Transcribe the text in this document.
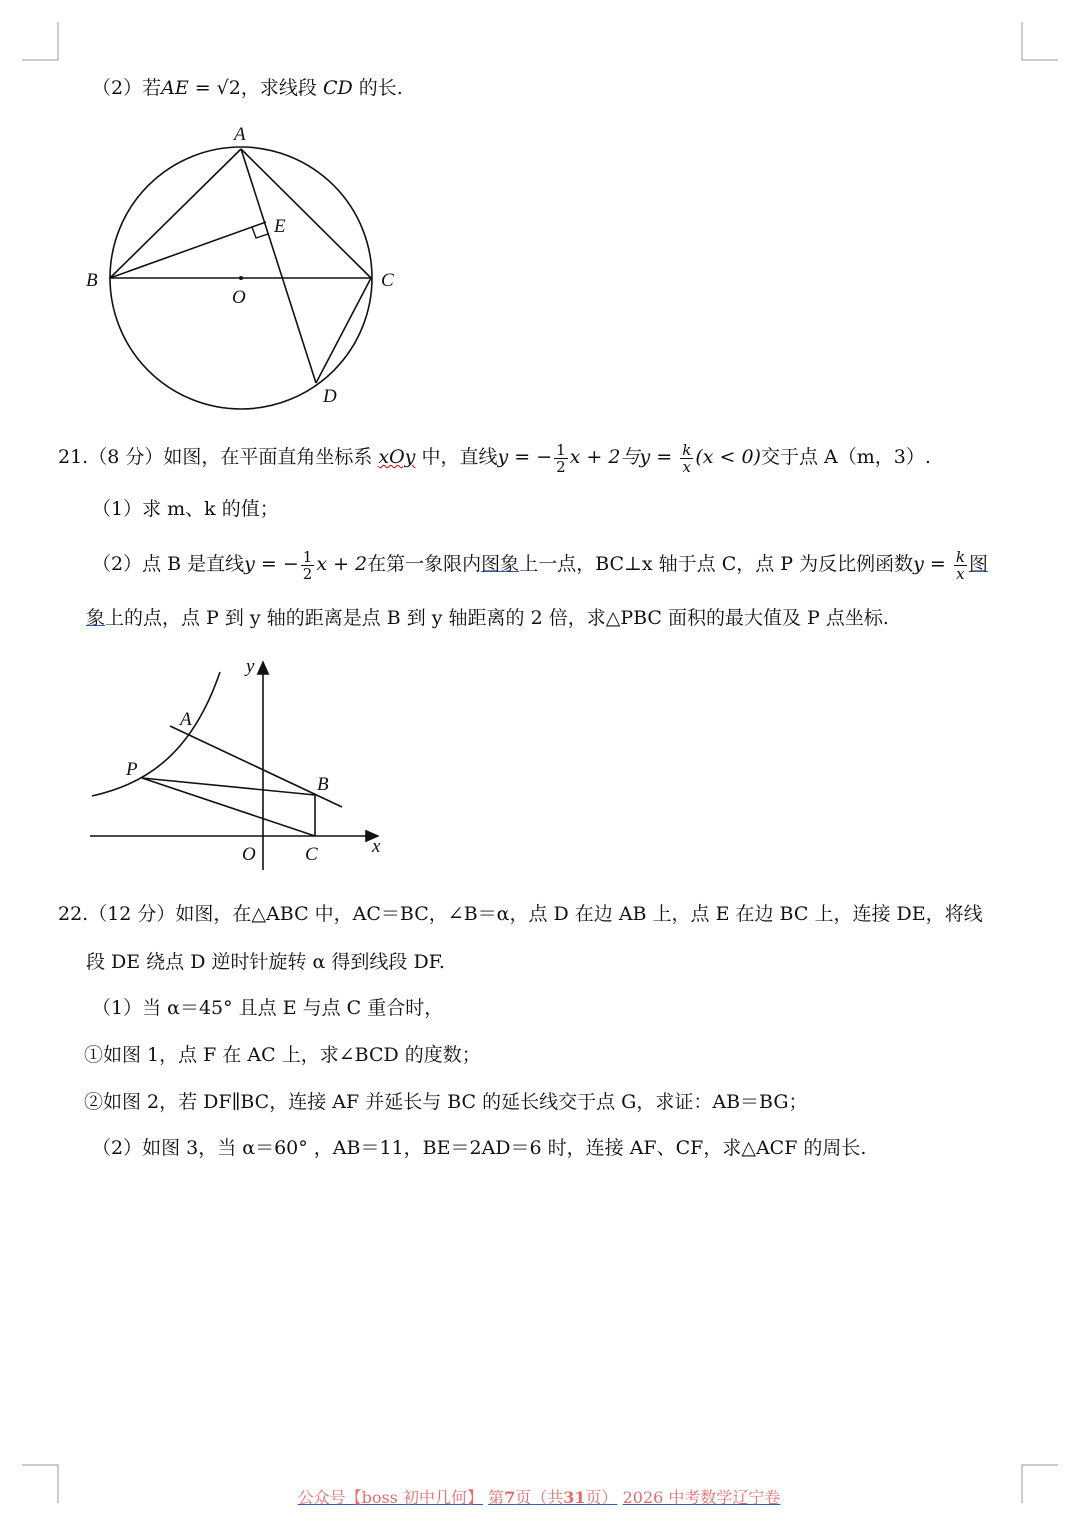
（2）若AE = √2，求线段 CD 的长.
A
B	C
D
E
O
21.（8 分）如图，在平面直角坐标系 xOy 中，直线y = − $\frac{1}{2}$ x + 2与$y = \frac{k}{x} (x < 0)$交于点 A（m，3）.
（1）求 m、k 的值；
（2）点 B 是直线y = − $\frac{1}{2}$ x + 2在第一象限内图象上一点，BC⊥x 轴于点 C，点 P 为反比例函数$y = \frac{k}{x}$ 图
象上的点，点 P 到 y 轴的距离是点 B 到 y 轴距离的 2 倍，求△PBC 面积的最大值及 P 点坐标.
y
A
P
B
O	C	x
22.（12 分）如图，在△ABC 中，AC＝BC，∠B＝α，点 D 在边 AB 上，点 E 在边 BC 上，连接 DE，将线
段 DE 绕点 D 逆时针旋转 α 得到线段 DF.
（1）当 α＝45° 且点 E 与点 C 重合时，
①如图 1，点 F 在 AC 上，求∠BCD 的度数；
②如图 2，若 DF∥BC，连接 AF 并延长与 BC 的延长线交于点 G，求证：AB＝BG；
（2）如图 3，当 α＝60° ，AB＝11，BE＝2AD＝6 时，连接 AF、CF，求△ACF 的周长.
公众号【boss 初中几何】 第7页（共31页） 2026 中考数学辽宁卷
